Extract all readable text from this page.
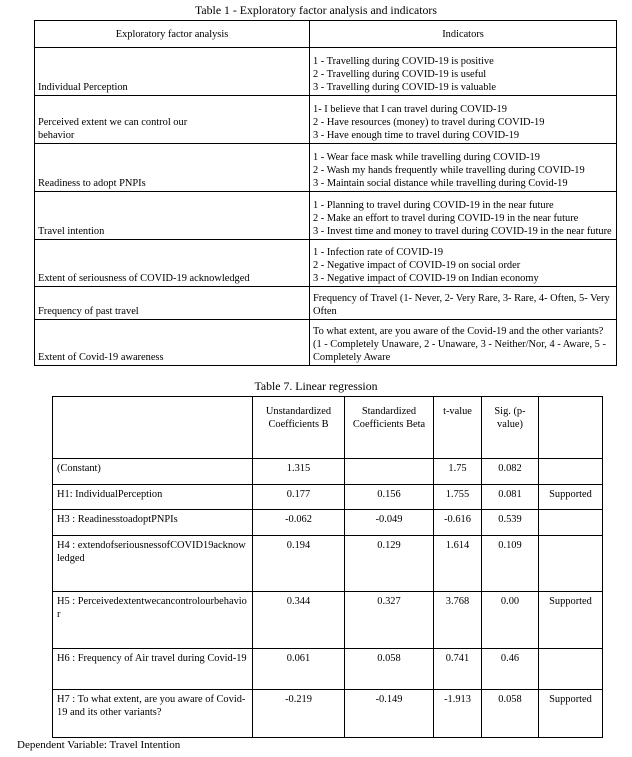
Table 1 - Exploratory factor analysis and indicators
Exploratory factor analysis	Indicators
Individual Perception	1 - Travelling during COVID-19 is positive
2 - Travelling during COVID-19 is useful
3 - Travelling during COVID-19 is valuable

Perceived extent we can control our behavior	1- I believe that I can travel during COVID-19
2 - Have resources (money) to travel during COVID-19
3 - Have enough time to travel during COVID-19

Readiness to adopt PNPIs	1 - Wear face mask while travelling during COVID-19
2 - Wash my hands frequently while travelling during COVID-19
3 - Maintain social distance while travelling during Covid-19

Travel intention	1 - Planning to travel during COVID-19 in the near future
2 - Make an effort to travel during COVID-19 in the near future
3 - Invest time and money to travel during COVID-19 in the near future

Extent of seriousness of COVID-19 acknowledged	1 - Infection rate of COVID-19
2 - Negative impact of COVID-19 on social order
3 - Negative impact of COVID-19 on Indian economy

Frequency of past travel	Frequency of Travel (1- Never, 2- Very Rare, 3- Rare, 4- Often, 5- Very Often
Extent of Covid-19 awareness	To what extent, are you aware of the Covid-19 and the other variants? (1 - Completely Unaware, 2 - Unaware, 3 - Neither/Nor, 4 - Aware, 5 - Completely Aware
Table 7. Linear regression
	Unstandardized Coefficients B	Standardized Coefficients Beta	t-value	Sig. (p-value)	
(Constant)	1.315		1.75	0.082	
H1: IndividualPerception	0.177	0.156	1.755	0.081	Supported
H3 : ReadinesstoadoptPNPIs	-0.062	-0.049	-0.616	0.539	
H4 : extendofseriousnessofCOVID19acknowledged	0.194	0.129	1.614	0.109	
H5 : Perceivedextentwecancontrolourbehavior	0.344	0.327	3.768	0.00	Supported
H6 : Frequency of Air travel during Covid-19	0.061	0.058	0.741	0.46	
H7 : To what extent, are you aware of Covid-19 and its other variants?	-0.219	-0.149	-1.913	0.058	Supported
Dependent Variable: Travel Intention
